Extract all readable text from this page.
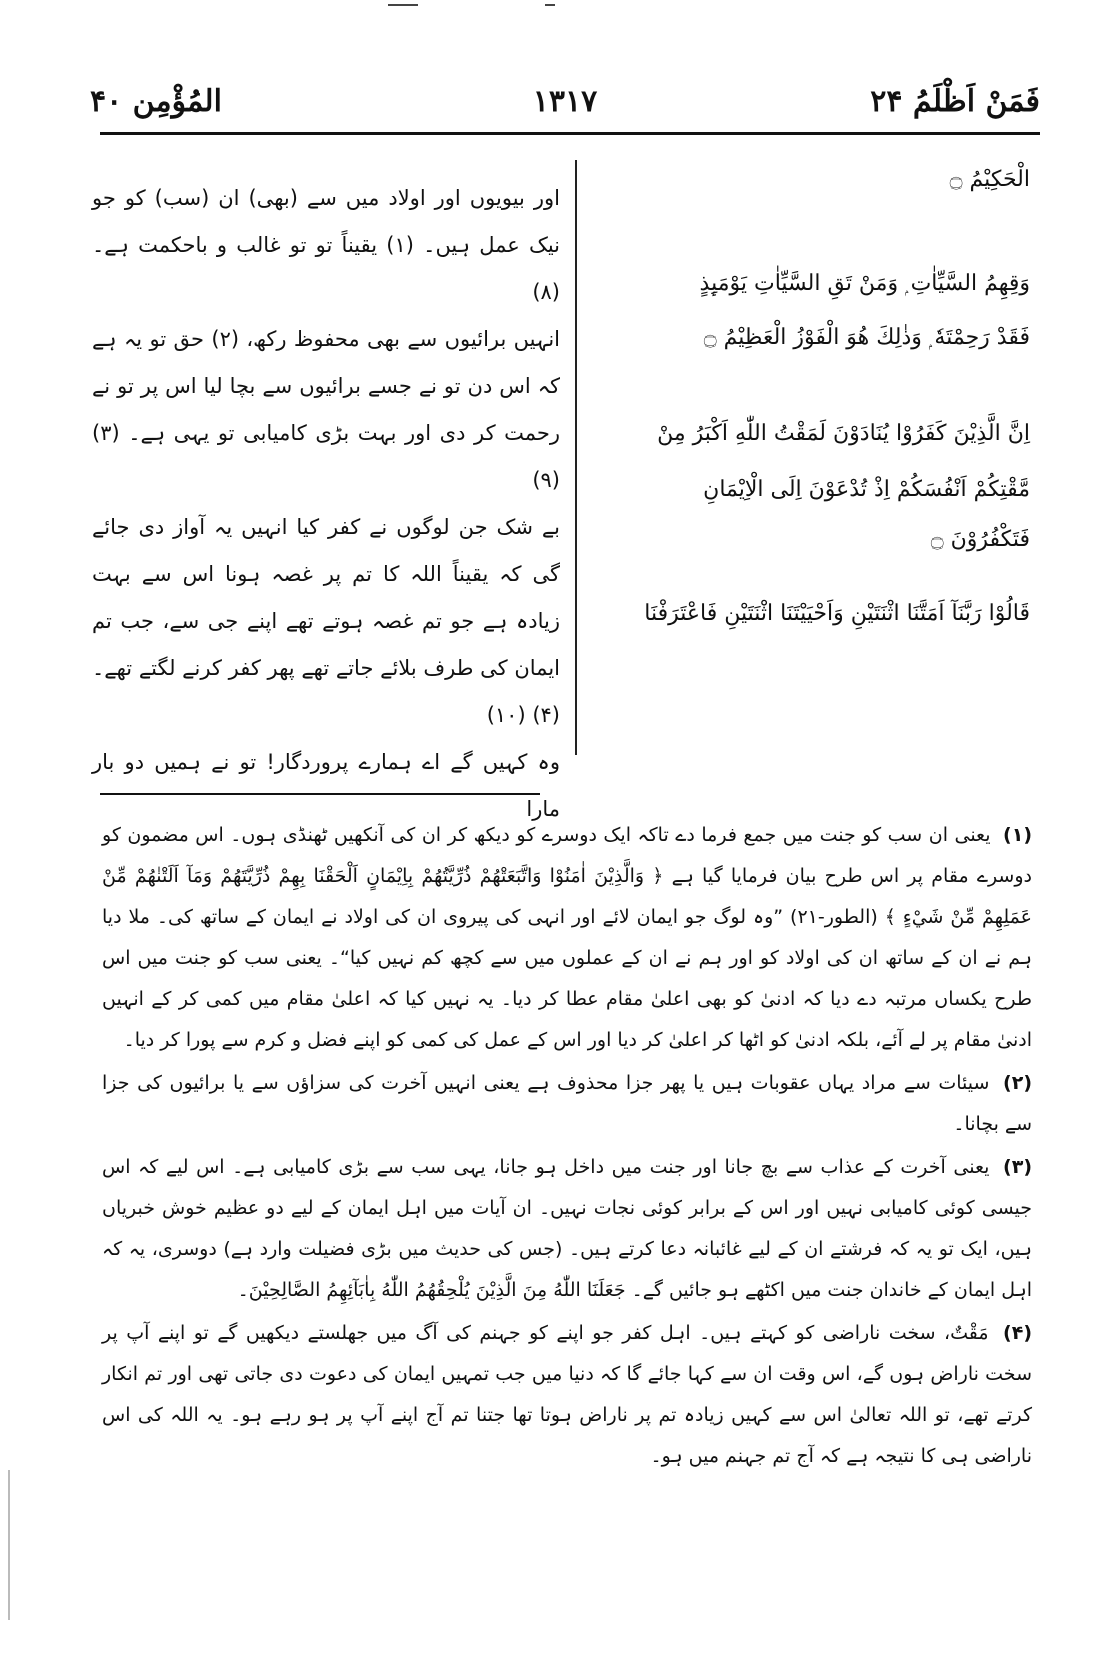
فَمَنْ اَظْلَمُ ۲۴
۱۳۱۷
المُؤْمِن ۴۰
الْحَكِيْمُ ۝
وَقِهِمُ السَّيِّاٰتِ ۭ وَمَنْ تَقِ السَّيِّاٰتِ يَوْمَىِٕذٍ
فَقَدْ رَحِمْتَهٗ ۭ وَذٰلِكَ هُوَ الْفَوْزُ الْعَظِيْمُ ۝
اِنَّ الَّذِيْنَ كَفَرُوْا يُنَادَوْنَ لَمَقْتُ اللّٰهِ اَكْبَرُ مِنْ
مَّقْتِكُمْ اَنْفُسَكُمْ اِذْ تُدْعَوْنَ اِلَى الْاِيْمَانِ
فَتَكْفُرُوْنَ ۝
قَالُوْا رَبَّنَآ اَمَتَّنَا اثْنَتَيْنِ وَاَحْيَيْتَنَا اثْنَتَيْنِ فَاعْتَرَفْنَا
اور بیویوں اور اولاد میں سے (بھی) ان (سب) کو جو نیک عمل ہیں۔ (۱) یقیناً تو تو غالب و باحکمت ہے۔ (۸)
انہیں برائیوں سے بھی محفوظ رکھ، (۲) حق تو یہ ہے کہ اس دن تو نے جسے برائیوں سے بچا لیا اس پر تو نے رحمت کر دی اور بہت بڑی کامیابی تو یہی ہے۔ (۳) (۹)
بے شک جن لوگوں نے کفر کیا انہیں یہ آواز دی جائے گی کہ یقیناً اللہ کا تم پر غصہ ہونا اس سے بہت زیادہ ہے جو تم غصہ ہوتے تھے اپنے جی سے، جب تم ایمان کی طرف بلائے جاتے تھے پھر کفر کرنے لگتے تھے۔ (۴) (۱۰)
وہ کہیں گے اے ہمارے پروردگار! تو نے ہمیں دو بار مارا
(۱) یعنی ان سب کو جنت میں جمع فرما دے تاکہ ایک دوسرے کو دیکھ کر ان کی آنکھیں ٹھنڈی ہوں۔ اس مضمون کو دوسرے مقام پر اس طرح بیان فرمایا گیا ہے ﴿ وَالَّذِيْنَ اٰمَنُوْا وَاتَّبَعَتْهُمْ ذُرِّيَّتُهُمْ بِاِيْمَانٍ اَلْحَقْنَا بِهِمْ ذُرِّيَّتَهُمْ وَمَآ اَلَتْنٰهُمْ مِّنْ عَمَلِهِمْ مِّنْ شَيْءٍ ﴾ (الطور-۲۱) ”وہ لوگ جو ایمان لائے اور انہی کی پیروی ان کی اولاد نے ایمان کے ساتھ کی۔ ملا دیا ہم نے ان کے ساتھ ان کی اولاد کو اور ہم نے ان کے عملوں میں سے کچھ کم نہیں کیا“۔ یعنی سب کو جنت میں اس طرح یکساں مرتبہ دے دیا کہ ادنیٰ کو بھی اعلیٰ مقام عطا کر دیا۔ یہ نہیں کیا کہ اعلیٰ مقام میں کمی کر کے انہیں ادنیٰ مقام پر لے آئے، بلکہ ادنیٰ کو اٹھا کر اعلیٰ کر دیا اور اس کے عمل کی کمی کو اپنے فضل و کرم سے پورا کر دیا۔
(۲) سیئات سے مراد یہاں عقوبات ہیں یا پھر جزا محذوف ہے یعنی انہیں آخرت کی سزاؤں سے یا برائیوں کی جزا سے بچانا۔
(۳) یعنی آخرت کے عذاب سے بچ جانا اور جنت میں داخل ہو جانا، یہی سب سے بڑی کامیابی ہے۔ اس لیے کہ اس جیسی کوئی کامیابی نہیں اور اس کے برابر کوئی نجات نہیں۔ ان آیات میں اہل ایمان کے لیے دو عظیم خوش خبریاں ہیں، ایک تو یہ کہ فرشتے ان کے لیے غائبانہ دعا کرتے ہیں۔ (جس کی حدیث میں بڑی فضیلت وارد ہے) دوسری، یہ کہ اہل ایمان کے خاندان جنت میں اکٹھے ہو جائیں گے۔ جَعَلَنَا اللّٰهُ مِنَ الَّذِيْنَ يُلْحِقُهُمُ اللّٰهُ بِاٰبَآئِهِمُ الصَّالِحِيْنَ۔
(۴) مَقْتٌ، سخت ناراضی کو کہتے ہیں۔ اہل کفر جو اپنے کو جہنم کی آگ میں جھلستے دیکھیں گے تو اپنے آپ پر سخت ناراض ہوں گے، اس وقت ان سے کہا جائے گا کہ دنیا میں جب تمہیں ایمان کی دعوت دی جاتی تھی اور تم انکار کرتے تھے، تو اللہ تعالیٰ اس سے کہیں زیادہ تم پر ناراض ہوتا تھا جتنا تم آج اپنے آپ پر ہو رہے ہو۔ یہ اللہ کی اس ناراضی ہی کا نتیجہ ہے کہ آج تم جہنم میں ہو۔
